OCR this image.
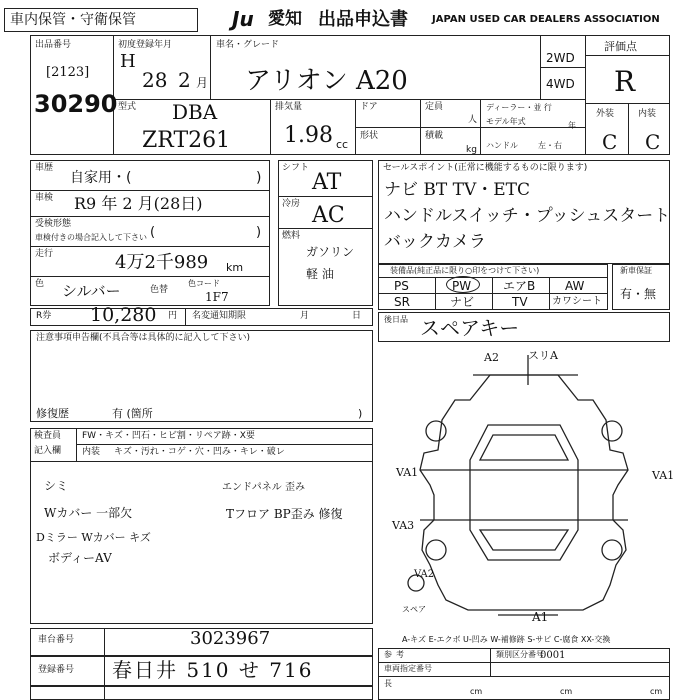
車内保管・守衛保管	Ju 愛知 出品申込書 JAPAN USED CAR DEALERS ASSOCIATION
出品番号
[2123]
30290
初度登録年月
H
28 2 月
車名・グレード
アリオン A20
2WD
4WD
評価点
R
外装	内装
C C
型式 DBA
ZRT261
排気量
1.98 cc
ドア	定員
人
形状	積載
kg
ディーラー・並 行
モデル年式	年
ハンドル	左・右
車歴
自家用・(	)
車検 R9 年 2 月(28日)
受検形態
車検付きの場合記入して下さい (	)
走行	4万2千989 km
色 シルバー	色替
色コード
1F7
シフト
AT
冷房 AC
燃料
ガソリン
軽 油
セールスポイント(正常に機能するものに限ります)
ナビ BT TV・ETC
ハンドルスイッチ・プッシュスタート
バックカメラ
装備品(純正品に限り○印をつけて下さい)
PS	PW	エアB AW
SR	ナビ	TV カワシート
新車保証
有・無
R券 10,280 円 名変通知期限	月	日	後日品 スペアキー
注意事項申告欄(不具合等は具体的に記入して下さい)
修復歴	有 (箇所	)
検査員
記入欄
FW・キズ・凹石・ヒビ割・リペア跡・X要
内装 キズ・汚れ・コゲ・穴・凹み・キレ・破レ
シミ
Wカバー 一部欠
Dミラー Wカバー キズ
ボディーAV
エンドパネル 歪み
Tフロア BP歪み 修復
A2	スリA
VA1	VA1
VA3
VA2
A1
スペア
A-キズ E-エクボ U-凹み W-補修跡 S-サビ C-腐食 XX-交換
車台番号	3023967
登録番号 春日井 510 せ 716
参 考	類別区分番号
0001
車両指定番号
長
cm	cm	cm
